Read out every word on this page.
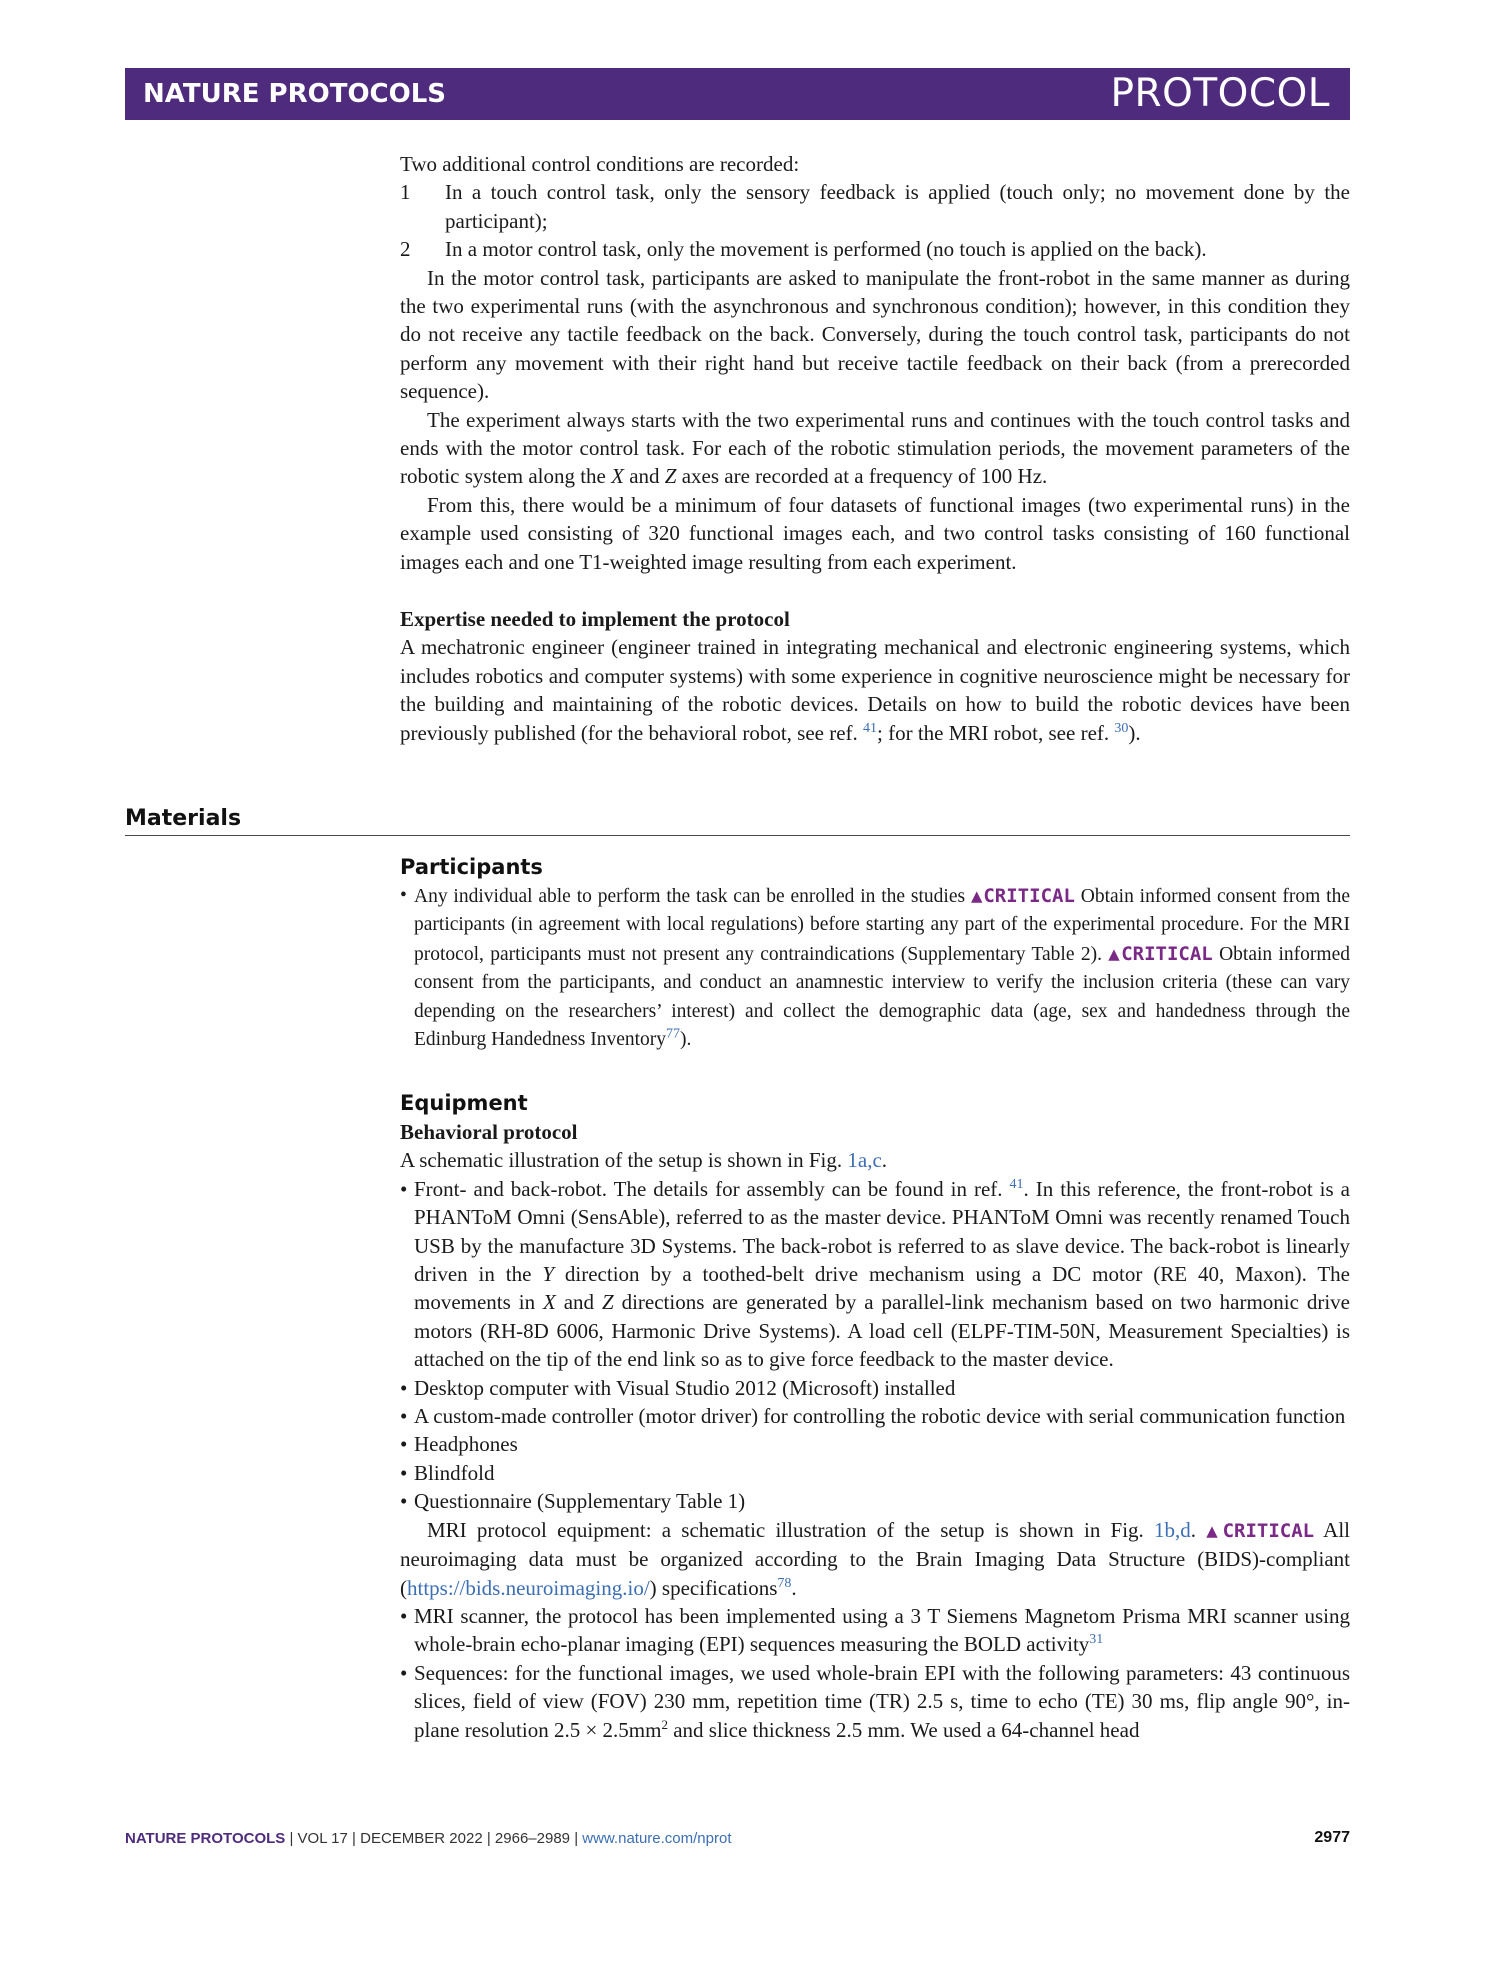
NATURE PROTOCOLS	PROTOCOL

Two additional control conditions are recorded:

1 In a touch control task, only the sensory feedback is applied (touch only; no movement done by the participant);
2 In a motor control task, only the movement is performed (no touch is applied on the back).

In the motor control task, participants are asked to manipulate the front-robot in the same manner as during the two experimental runs (with the asynchronous and synchronous condition); however, in this condition they do not receive any tactile feedback on the back. Conversely, during the touch control task, participants do not perform any movement with their right hand but receive tactile feedback on their back (from a prerecorded sequence).

The experiment always starts with the two experimental runs and continues with the touch control tasks and ends with the motor control task. For each of the robotic stimulation periods, the movement parameters of the robotic system along the X and Z axes are recorded at a frequency of 100 Hz.

From this, there would be a minimum of four datasets of functional images (two experimental runs) in the example used consisting of 320 functional images each, and two control tasks consisting of 160 functional images each and one T1-weighted image resulting from each experiment.

Expertise needed to implement the protocol

A mechatronic engineer (engineer trained in integrating mechanical and electronic engineering systems, which includes robotics and computer systems) with some experience in cognitive neuroscience might be necessary for the building and maintaining of the robotic devices. Details on how to build the robotic devices have been previously published (for the behavioral robot, see ref. $^{41}$; for the MRI robot, see ref. $^{30}$).

Materials
Participants
• Any individual able to perform the task can be enrolled in the studies ▲CRITICAL Obtain informed consent from the participants (in agreement with local regulations) before starting any part of the experimental procedure. For the MRI protocol, participants must not present any contraindications (Supplementary Table 2). ▲CRITICAL Obtain informed consent from the participants, and conduct an anamnestic interview to verify the inclusion criteria (these can vary depending on the researchers’ interest) and collect the demographic data (age, sex and handedness through the Edinburg Handedness Inventory$^{77}$).
Equipment

Behavioral protocol

A schematic illustration of the setup is shown in Fig. 1a,c.

• Front- and back-robot. The details for assembly can be found in ref. $^{41}$. In this reference, the front-robot is a PHANToM Omni (SensAble), referred to as the master device. PHANToM Omni was recently renamed Touch USB by the manufacture 3D Systems. The back-robot is referred to as slave device. The back-robot is linearly driven in the Y direction by a toothed-belt drive mechanism using a DC motor (RE 40, Maxon). The movements in X and Z directions are generated by a parallel-link mechanism based on two harmonic drive motors (RH-8D 6006, Harmonic Drive Systems). A load cell (ELPF-TIM-50N, Measurement Specialties) is attached on the tip of the end link so as to give force feedback to the master device.
• Desktop computer with Visual Studio 2012 (Microsoft) installed
• A custom-made controller (motor driver) for controlling the robotic device with serial communication function
• Headphones
• Blindfold
• Questionnaire (Supplementary Table 1)

MRI protocol equipment: a schematic illustration of the setup is shown in Fig. 1b,d. ▲CRITICAL All neuroimaging data must be organized according to the Brain Imaging Data Structure (BIDS)-compliant (https://bids.neuroimaging.io/) specifications$^{78}$.

• MRI scanner, the protocol has been implemented using a 3 T Siemens Magnetom Prisma MRI scanner using whole-brain echo-planar imaging (EPI) sequences measuring the BOLD activity$^{31}$
• Sequences: for the functional images, we used whole-brain EPI with the following parameters: 43 continuous slices, field of view (FOV) 230 mm, repetition time (TR) 2.5 s, time to echo (TE) 30 ms, flip angle 90°, in-plane resolution $2.5 \times 2.5mm^2$ and slice thickness 2.5 mm. We used a 64-channel head
NATURE PROTOCOLS | VOL 17 | DECEMBER 2022 | 2966–2989 | www.nature.com/nprot	2977
